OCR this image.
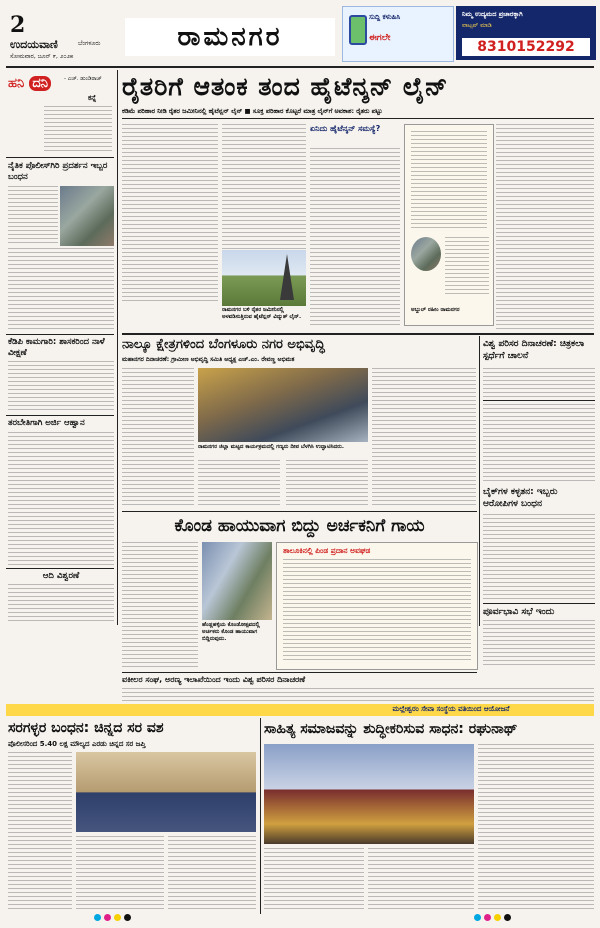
2
ಉದಯವಾಣಿ	ಬೆಂಗಳೂರು
ಸೋಮವಾರ, ಜೂನ್ ೯, ೨೦೨೫
ರಾಮನಗರ
ಸುದ್ದಿ ಕಳುಹಿಸಿ
ಈಗಲೇ
ನಿಮ್ಮ ಉದ್ಯಮದ ಪ್ರಚಾರಕ್ಕಾಗಿ
ವಾಟ್ಸಪ್ ಮಾಡಿ
8310152292
ಹನಿ ದನಿ	- ಎಚ್. ಡುಂಡಿರಾಜ್
ಕನ್ನೆ
ನೈತಿಕ ಪೊಲೀಸ್‌ಗಿರಿ ಪ್ರದರ್ಶನ ಇಬ್ಬರ ಬಂಧನ
ಕೆಡಿಪಿ ಕಾಮಗಾರಿ: ಶಾಸಕರಿಂದ ನಾಳೆ ವೀಕ್ಷಣೆ
ತರಬೇತಿಗಾಗಿ ಅರ್ಜಿ ಆಹ್ವಾನ
ಆದಿ ವಿಶ್ವರಣೆ
ರೈತರಿಗೆ ಆತಂಕ ತಂದ ಹೈಟೆನ್ಶನ್ ಲೈನ್
ಕಡಿಮೆ ಪರಿಹಾರ ನೀಡಿ ರೈತರ ಜಮೀನಿನಲ್ಲಿ ಹೈಟೆನ್ಷನ್ ಲೈನ್ ■ ಸೂಕ್ತ ಪರಿಹಾರ ಕೊಟ್ಟರೆ ಮಾತ್ರ ಲೈನ್‌ಗೆ ಅವಕಾಶ: ರೈತರು ಪಟ್ಟು
ರಾಮನಗರ ಬಳಿ ರೈತರ ಜಮೀನಿನಲ್ಲಿ ಅಳವಡಿಸುತ್ತಿರುವ ಹೈಟೆನ್ಷನ್ ವಿದ್ಯುತ್ ಲೈನ್.
ಏನಿದು ಹೈಟೆನ್ಶನ್ ಸಮಸ್ಯೆ?
ಅಬ್ದುಲ್ ರಹೀಂ ರಾಮನಗರ
ನಾಲ್ಕೂ ಕ್ಷೇತ್ರಗಳಿಂದ ಬೆಂಗಳೂರು ನಗರ ಅಭಿವೃದ್ಧಿ
ಮಹಾನಗರ ದಿನಾಚರಣೆ: ಗ್ರಾಮೀಣ ಅಭಿವೃದ್ಧಿ ಸಮಿತಿ ಅಧ್ಯಕ್ಷ ಎಚ್.ಎಂ. ರೇವಣ್ಣ ಅಭಿಮತ
ರಾಮನಗರ ಜಿಲ್ಲಾ ಮಟ್ಟದ ಕಾರ್ಯಕ್ರಮದಲ್ಲಿ ಗಣ್ಯರು ದೀಪ ಬೆಳಗಿಸಿ ಉದ್ಘಾಟಿಸಿದರು.
ವಿಶ್ವ ಪರಿಸರ ದಿನಾಚರಣೆ: ಚಿತ್ರಕಲಾ ಸ್ಪರ್ಧೆಗೆ ಚಾಲನೆ
ಬೈಕ್‌ಗಳ ಕಳ್ಳತನ: ಇಬ್ಬರು ಆರೋಪಿಗಳ ಬಂಧನ
ಪೂರ್ವಭಾವಿ ಸಭೆ ಇಂದು
ಕೊಂಡ ಹಾಯುವಾಗ ಬಿದ್ದು ಅರ್ಚಕನಿಗೆ ಗಾಯ
ಹೆಂಡ್ಲಹಳ್ಳಿಯ ಕೊಂಡೋತ್ಸವದಲ್ಲಿ ಅರ್ಚಕರು ಕೊಂಡ ಹಾಯುವಾಗ ಬಿದ್ದಿರುವುದು.
ತಾಲೂಕಿನಲ್ಲಿ ಪಿಂಡ ಪ್ರದಾನ ಅವಘಡ
ವಕೀಲರ ಸಂಘ, ಅರಣ್ಯ ಇಲಾಖೆಯಿಂದ ಇಂದು ವಿಶ್ವ ಪರಿಸರ ದಿನಾಚರಣೆ
ಮಲ್ಲೇಶ್ವರಂ ಸೇವಾ ಸಂಸ್ಥೆಯ ವತಿಯಿಂದ ಆಯೋಜನೆ
ಸರಗಳ್ಳರ ಬಂಧನ: ಚಿನ್ನದ ಸರ ವಶ
ಪೊಲೀಸರಿಂದ 5.40 ಲಕ್ಷ ಮೌಲ್ಯದ ಎರಡು ಚಿನ್ನದ ಸರ ಜಪ್ತಿ
ಸಾಹಿತ್ಯ ಸಮಾಜವನ್ನು ಶುದ್ಧೀಕರಿಸುವ ಸಾಧನ: ರಘುನಾಥ್
